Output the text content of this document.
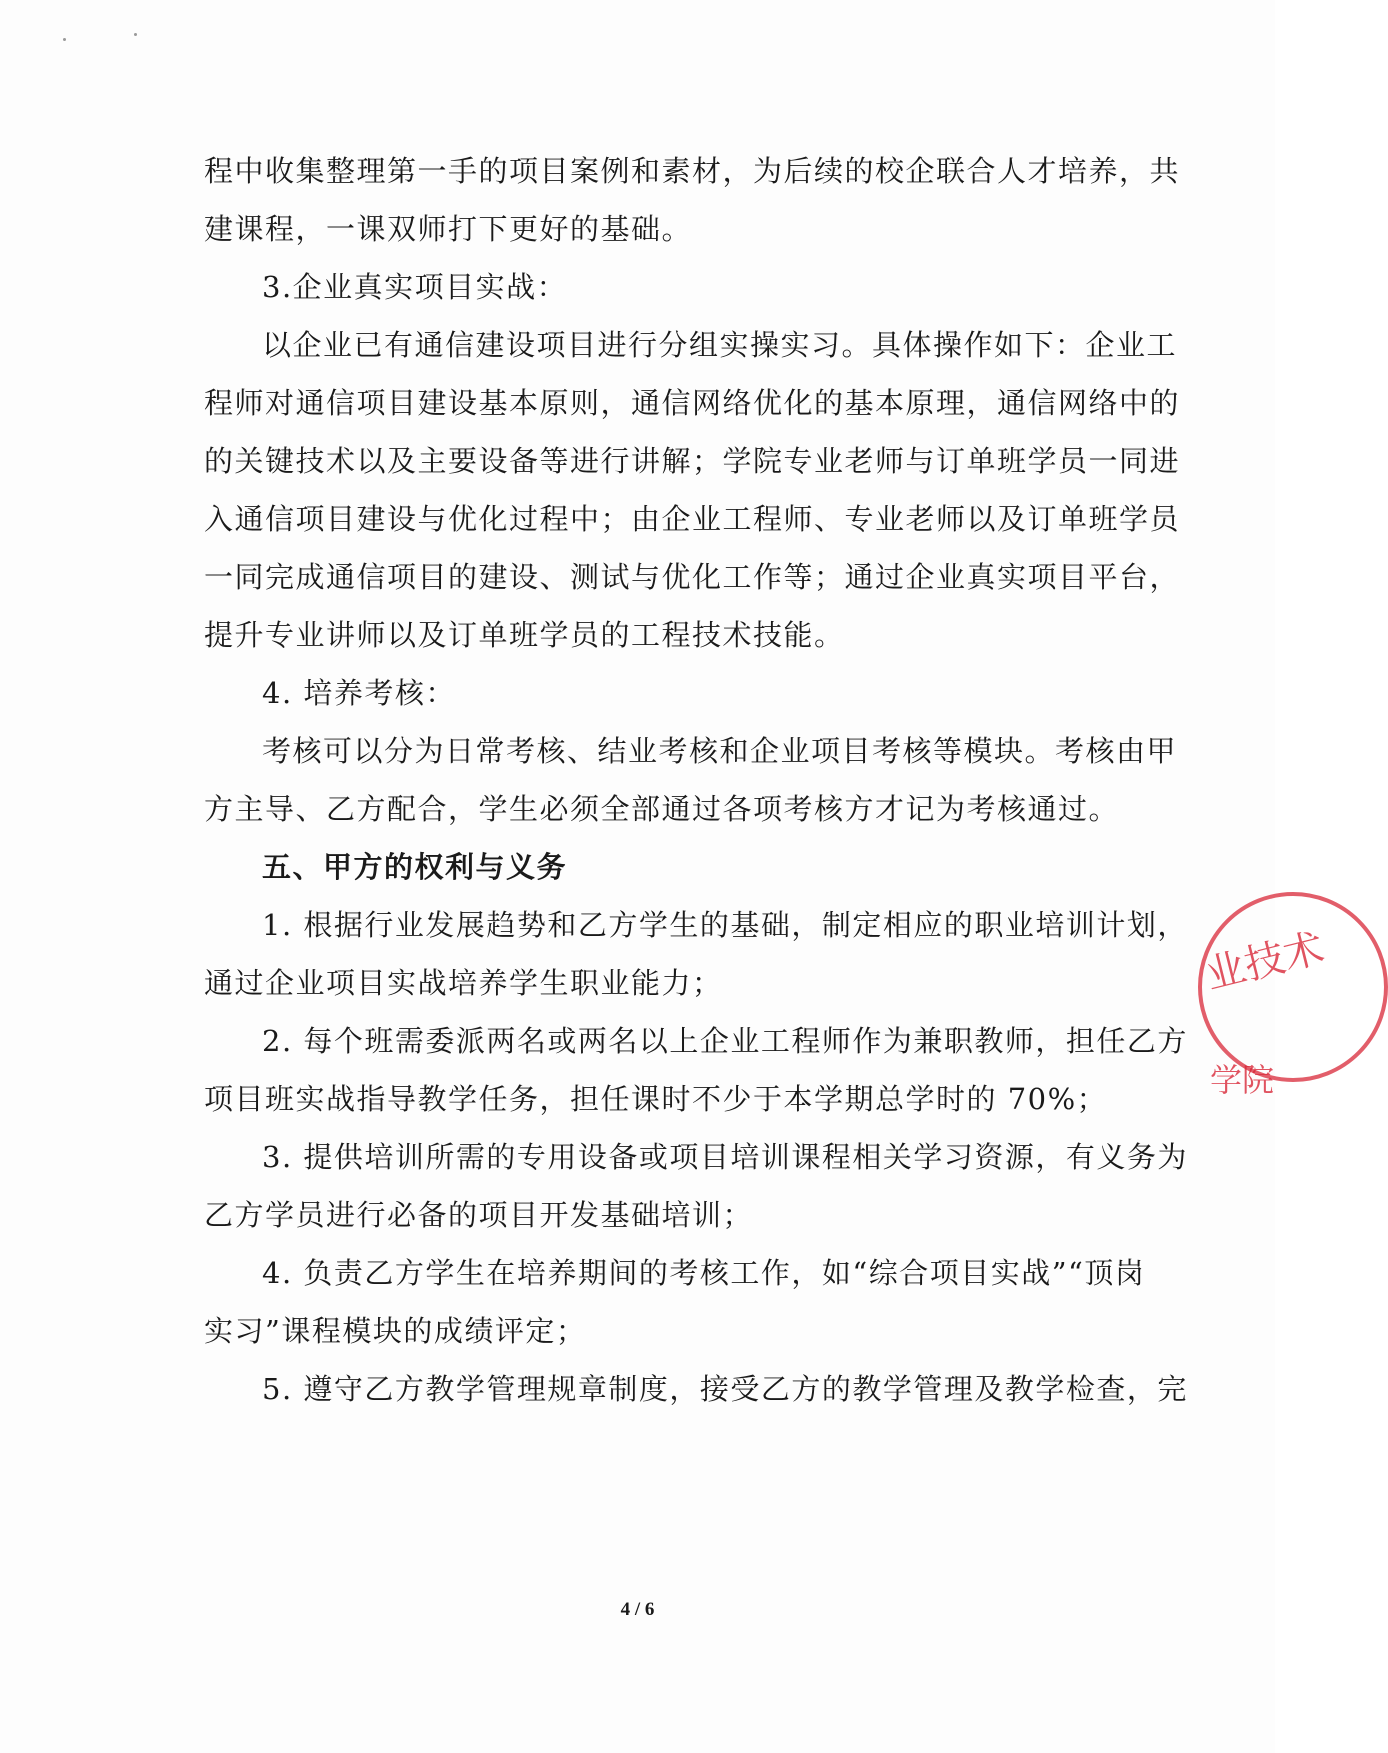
程中收集整理第一手的项目案例和素材，为后续的校企联合人才培养，共
建课程，一课双师打下更好的基础。
3.企业真实项目实战：
以企业已有通信建设项目进行分组实操实习。具体操作如下：企业工
程师对通信项目建设基本原则，通信网络优化的基本原理，通信网络中的
的关键技术以及主要设备等进行讲解；学院专业老师与订单班学员一同进
入通信项目建设与优化过程中；由企业工程师、专业老师以及订单班学员
一同完成通信项目的建设、测试与优化工作等；通过企业真实项目平台，
提升专业讲师以及订单班学员的工程技术技能。
4. 培养考核：
考核可以分为日常考核、结业考核和企业项目考核等模块。考核由甲
方主导、乙方配合，学生必须全部通过各项考核方才记为考核通过。
五、甲方的权利与义务
1. 根据行业发展趋势和乙方学生的基础，制定相应的职业培训计划，
通过企业项目实战培养学生职业能力；
2. 每个班需委派两名或两名以上企业工程师作为兼职教师，担任乙方
项目班实战指导教学任务，担任课时不少于本学期总学时的 70%；
3. 提供培训所需的专用设备或项目培训课程相关学习资源，有义务为
乙方学员进行必备的项目开发基础培训；
4. 负责乙方学生在培养期间的考核工作，如“综合项目实战”“顶岗
实习”课程模块的成绩评定；
5. 遵守乙方教学管理规章制度，接受乙方的教学管理及教学检查，完
业技术
学院
4 / 6
